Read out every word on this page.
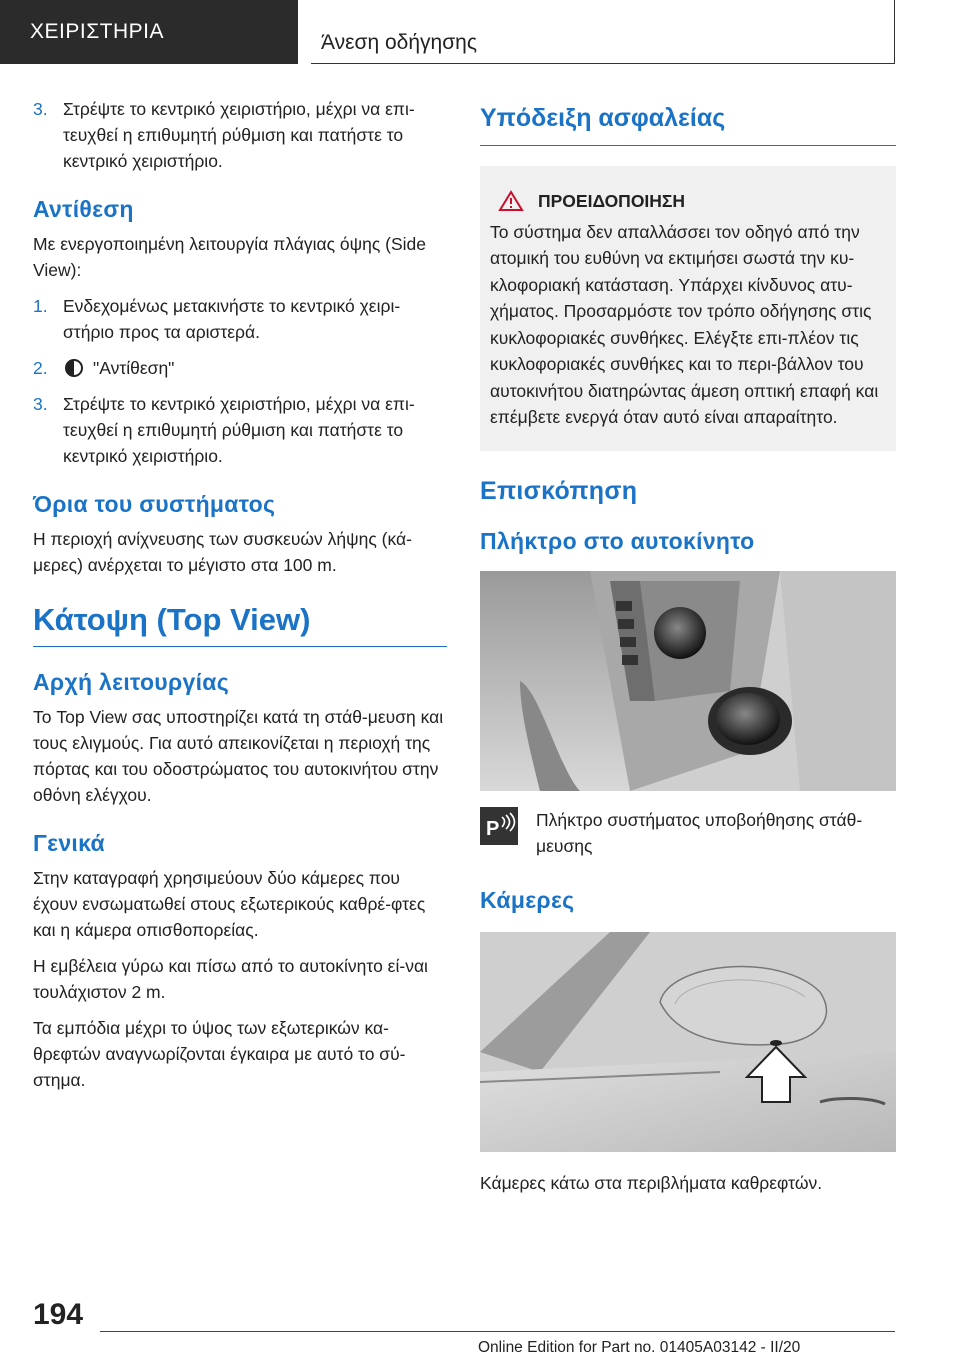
ΧΕΙΡΙΣΤΗΡΙΑ	Άνεση οδήγησης
3. Στρέψτε το κεντρικό χειριστήριο, μέχρι να επι-τευχθεί η επιθυμητή ρύθμιση και πατήστε το κεντρικό χειριστήριο.
Αντίθεση

Με ενεργοποιημένη λειτουργία πλάγιας όψης (Side View):

1. Ενδεχομένως μετακινήστε το κεντρικό χειρι-στήριο προς τα αριστερά.
2.	"Αντίθεση"
3. Στρέψτε το κεντρικό χειριστήριο, μέχρι να επι-τευχθεί η επιθυμητή ρύθμιση και πατήστε το κεντρικό χειριστήριο.
Όρια του συστήματος

Η περιοχή ανίχνευσης των συσκευών λήψης (κά-μερες) ανέρχεται το μέγιστο στα 100 m.

Κάτοψη (Top View)
Αρχή λειτουργίας

Το Top View σας υποστηρίζει κατά τη στάθ-μευση και τους ελιγμούς. Για αυτό απεικονίζεται η περιοχή της πόρτας και του οδοστρώματος του αυτοκινήτου στην οθόνη ελέγχου.

Γενικά

Στην καταγραφή χρησιμεύουν δύο κάμερες που έχουν ενσωματωθεί στους εξωτερικούς καθρέ-φτες και η κάμερα οπισθοπορείας.

Η εμβέλεια γύρω και πίσω από το αυτοκίνητο εί-ναι τουλάχιστον 2 m.

Τα εμπόδια μέχρι το ύψος των εξωτερικών κα-θρεφτών αναγνωρίζονται έγκαιρα με αυτό το σύ-στημα.

Υπόδειξη ασφαλείας
ΠΡΟΕΙΔΟΠΟΙΗΣΗ
Το σύστημα δεν απαλλάσσει τον οδηγό από την ατομική του ευθύνη να εκτιμήσει σωστά την κυ-κλοφοριακή κατάσταση. Υπάρχει κίνδυνος ατυ-χήματος. Προσαρμόστε τον τρόπο οδήγησης στις κυκλοφοριακές συνθήκες. Ελέγξτε επι-πλέον τις κυκλοφοριακές συνθήκες και το περι-βάλλον του αυτοκινήτου διατηρώντας άμεση οπτική επαφή και επέμβετε ενεργά όταν αυτό είναι απαραίτητο.
Επισκόπηση
Πλήκτρο στο αυτοκίνητο
P Πλήκτρο συστήματος υποβοήθησης στάθ-μευσης
Κάμερες
Κάμερες κάτω στα περιβλήματα καθρεφτών.
194
Online Edition for Part no. 01405A03142 - II/20
